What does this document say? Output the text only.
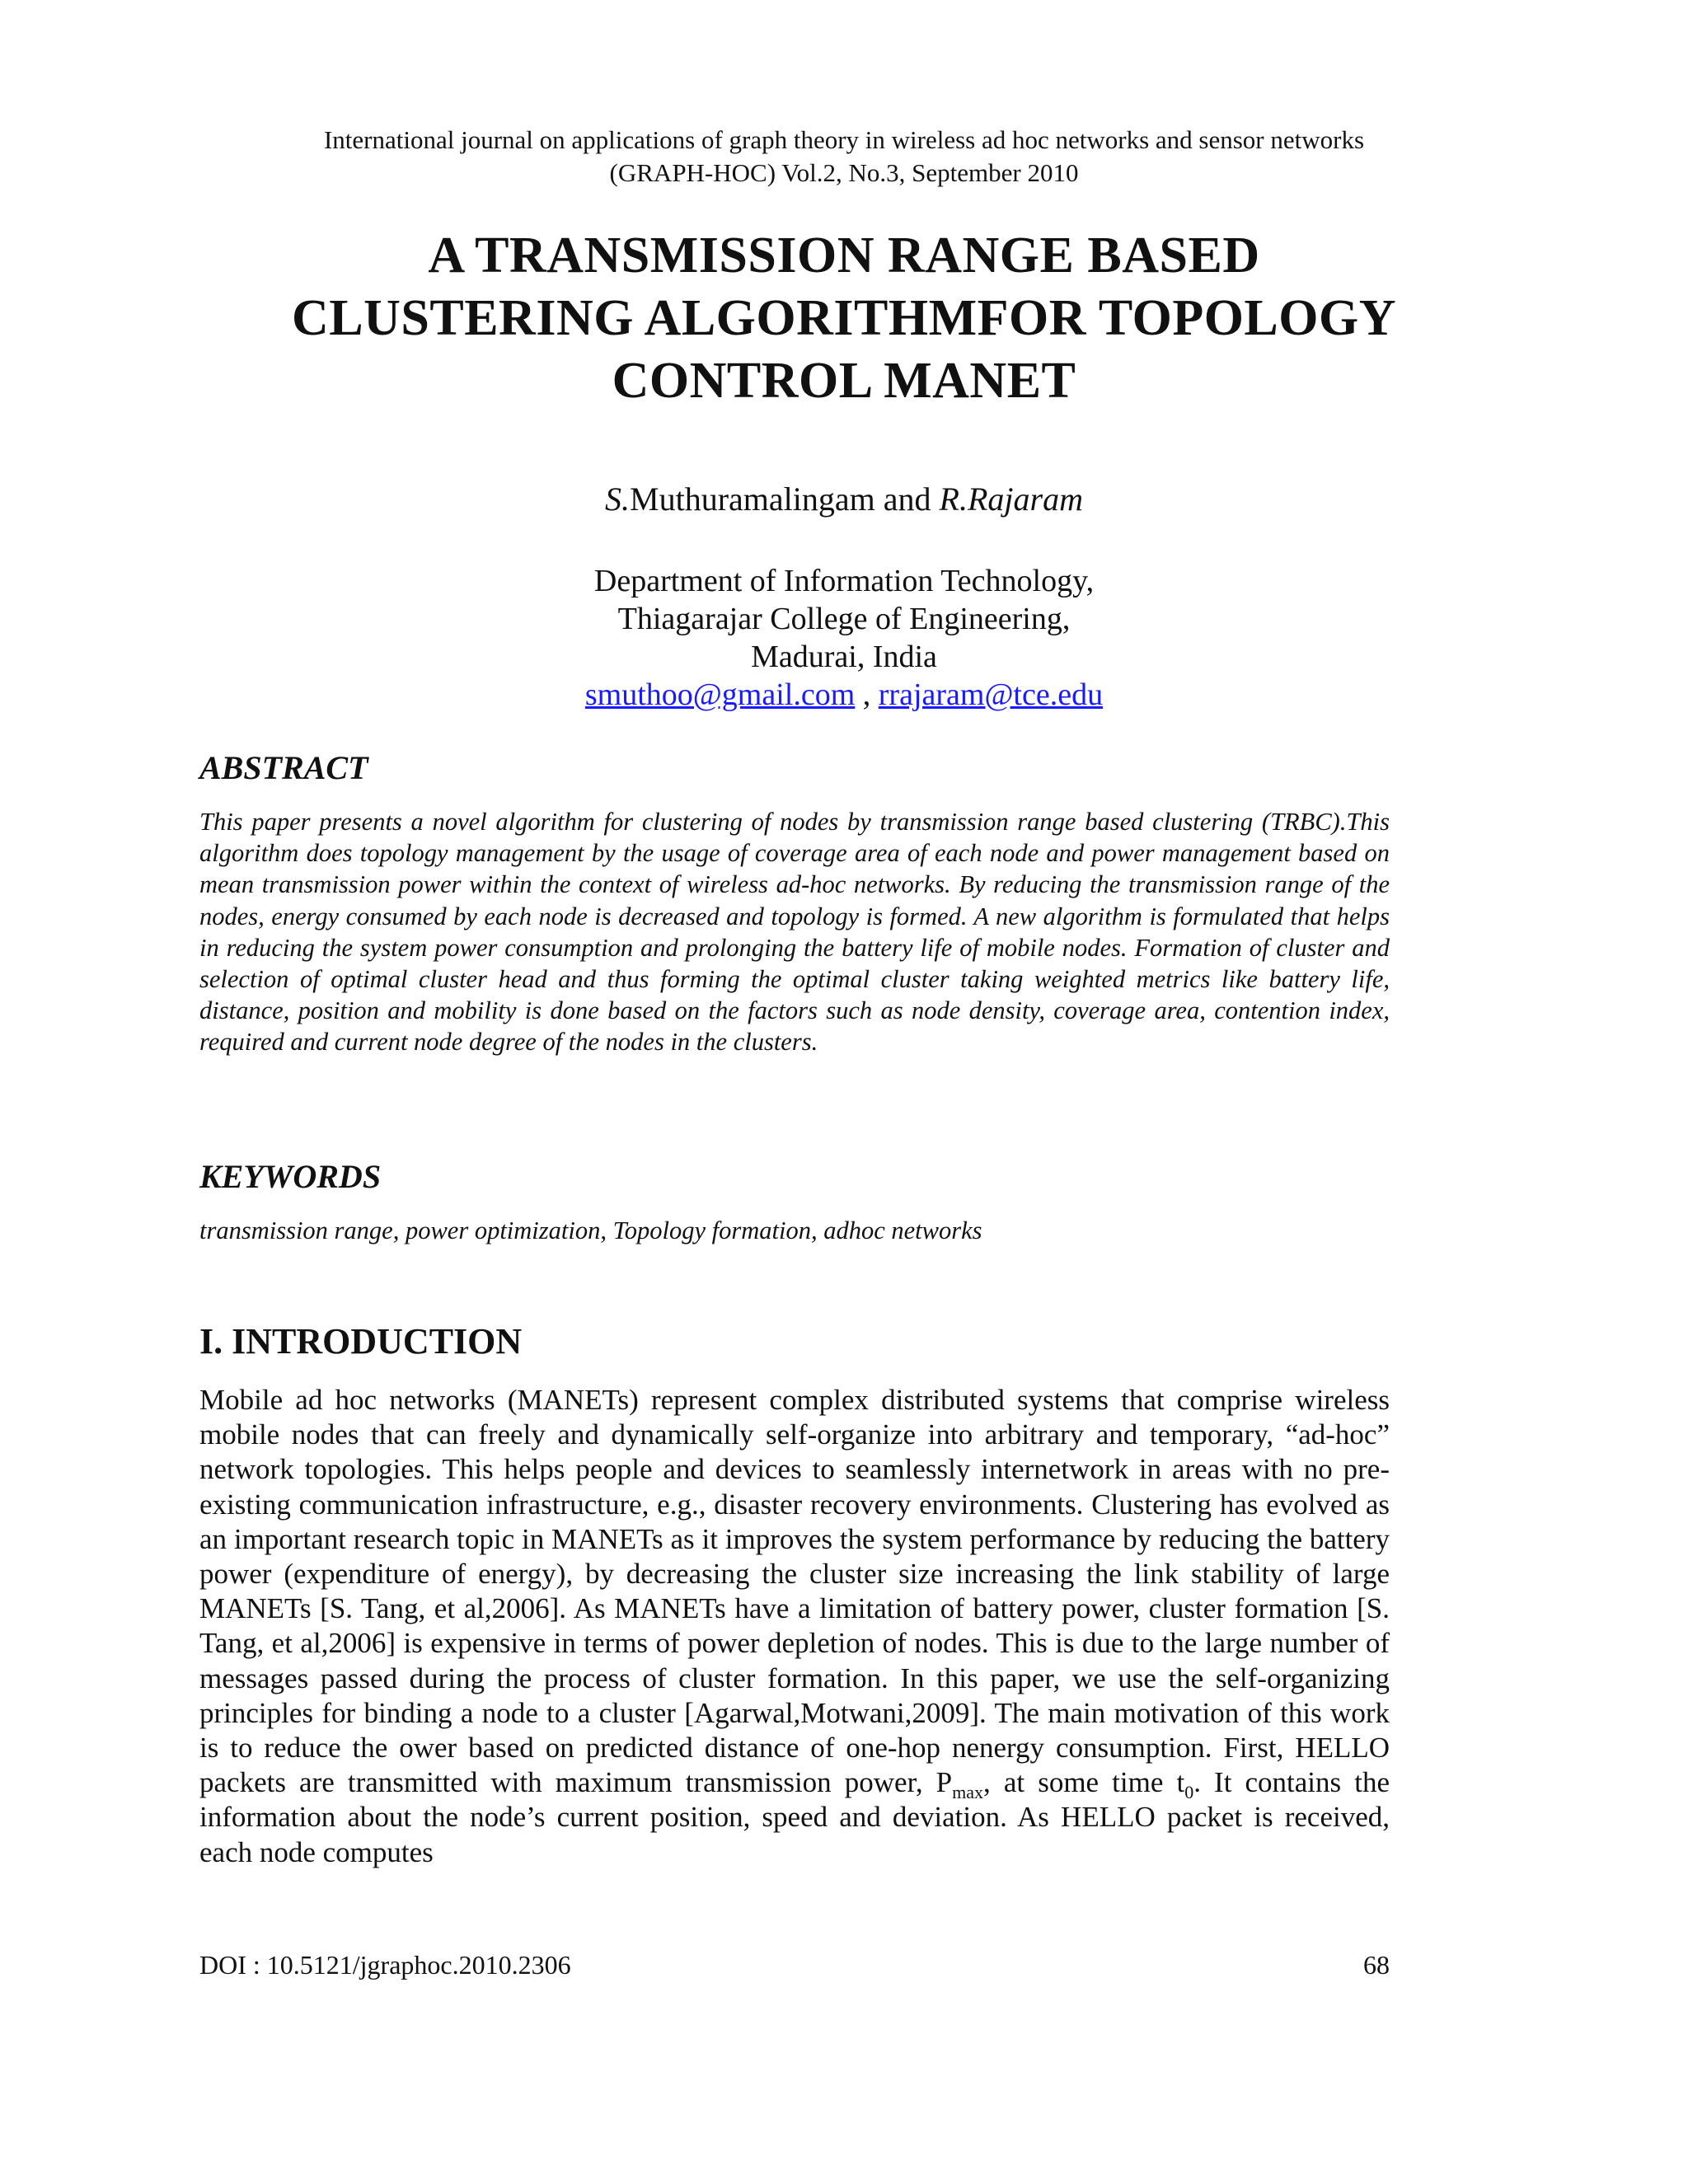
International journal on applications of graph theory in wireless ad hoc networks and sensor networks
(GRAPH-HOC) Vol.2, No.3, September 2010
A TRANSMISSION RANGE BASED
CLUSTERING ALGORITHMFOR TOPOLOGY
CONTROL MANET
S.Muthuramalingam and R.Rajaram
Department of Information Technology,
Thiagarajar College of Engineering,
Madurai, India
smuthoo@gmail.com , rrajaram@tce.edu
ABSTRACT
This paper presents a novel algorithm for clustering of nodes by transmission range based clustering (TRBC).This algorithm does topology management by the usage of coverage area of each node and power management based on mean transmission power within the context of wireless ad-hoc networks. By reducing the transmission range of the nodes, energy consumed by each node is decreased and topology is formed. A new algorithm is formulated that helps in reducing the system power consumption and prolonging the battery life of mobile nodes. Formation of cluster and selection of optimal cluster head and thus forming the optimal cluster taking weighted metrics like battery life, distance, position and mobility is done based on the factors such as node density, coverage area, contention index, required and current node degree of the nodes in the clusters.
KEYWORDS
transmission range, power optimization, Topology formation, adhoc networks
I. INTRODUCTION
Mobile ad hoc networks (MANETs) represent complex distributed systems that comprise wireless mobile nodes that can freely and dynamically self-organize into arbitrary and temporary, “ad-hoc” network topologies. This helps people and devices to seamlessly internetwork in areas with no pre-existing communication infrastructure, e.g., disaster recovery environments. Clustering has evolved as an important research topic in MANETs as it improves the system performance by reducing the battery power (expenditure of energy), by decreasing the cluster size increasing the link stability of large MANETs [S. Tang, et al,2006]. As MANETs have a limitation of battery power, cluster formation [S. Tang, et al,2006] is expensive in terms of power depletion of nodes. This is due to the large number of messages passed during the process of cluster formation. In this paper, we use the self-organizing principles for binding a node to a cluster [Agarwal,Motwani,2009]. The main motivation of this work is to reduce the ower based on predicted distance of one-hop nenergy consumption. First, HELLO packets are transmitted with maximum transmission power, $P_{max}$, at some time $t_0$. It contains the information about the node’s current position, speed and deviation. As HELLO packet is received, each node computes
DOI : 10.5121/jgraphoc.2010.2306	68
